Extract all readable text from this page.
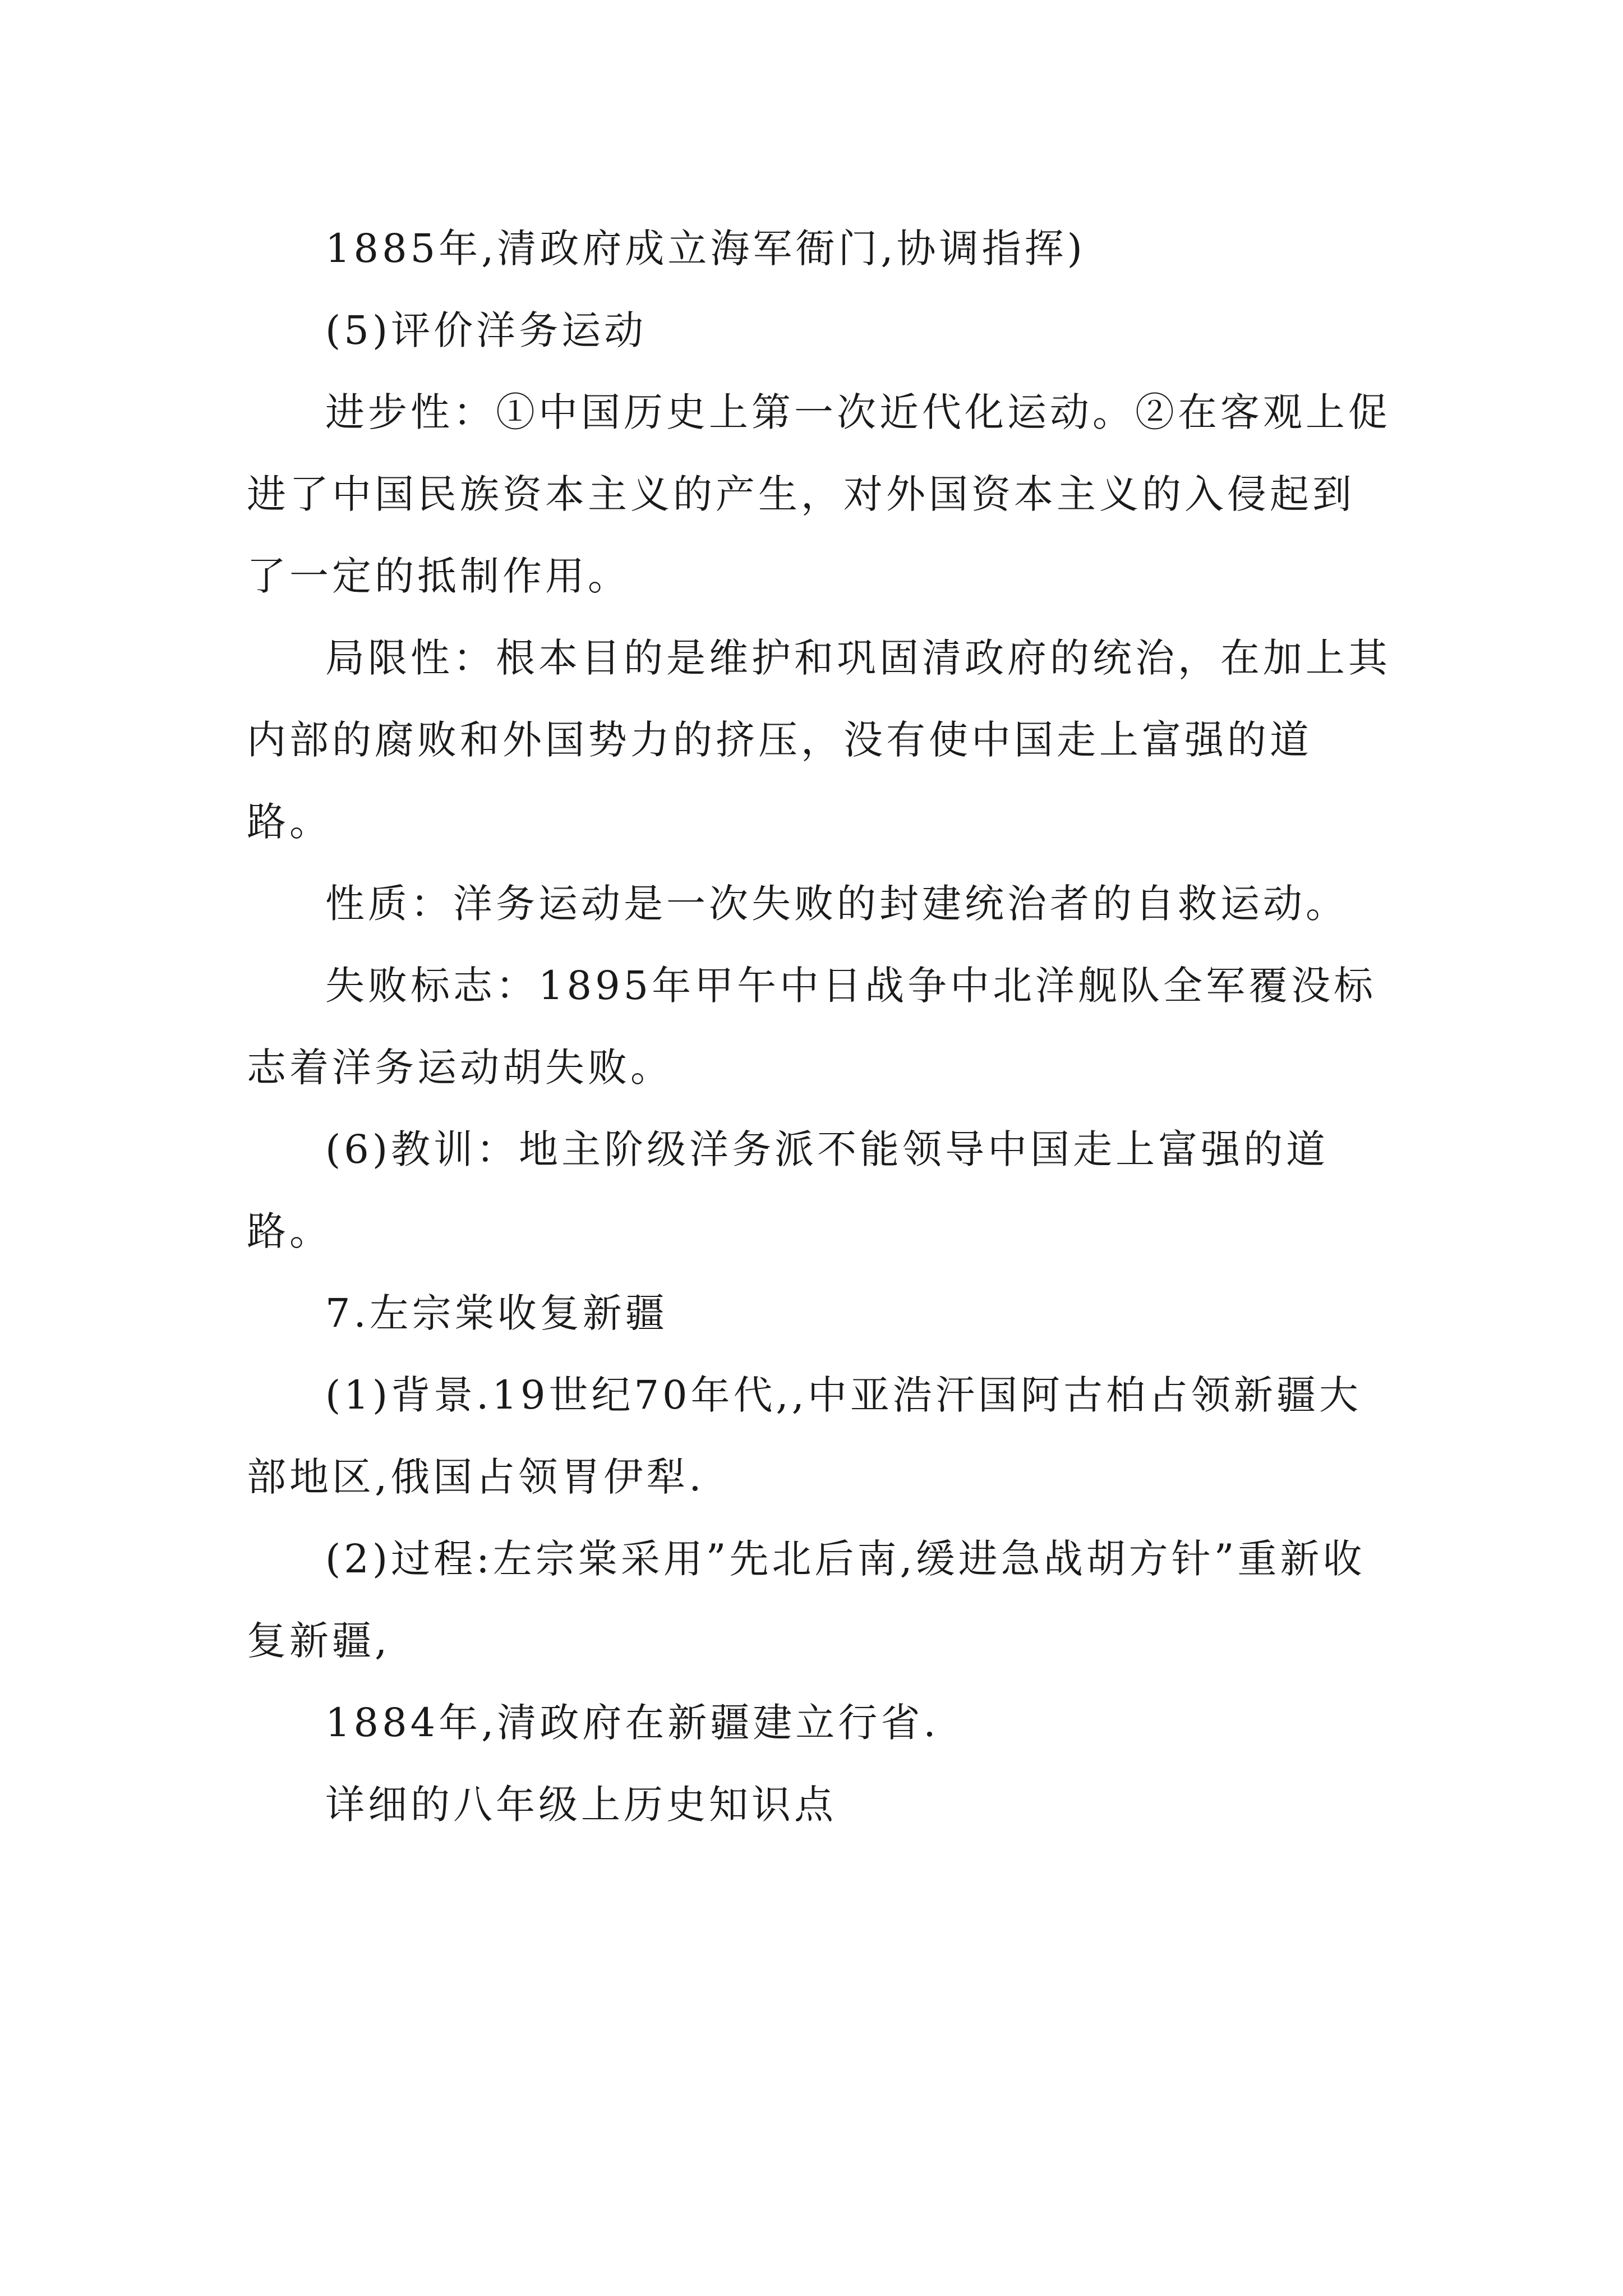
1885年,清政府成立海军衙门,协调指挥)

(5)评价洋务运动

进步性：①中国历史上第一次近代化运动。②在客观上促进了中国民族资本主义的产生，对外国资本主义的入侵起到了一定的抵制作用。

局限性：根本目的是维护和巩固清政府的统治，在加上其内部的腐败和外国势力的挤压，没有使中国走上富强的道路。

性质：洋务运动是一次失败的封建统治者的自救运动。

失败标志：1895年甲午中日战争中北洋舰队全军覆没标志着洋务运动胡失败。

(6)教训：地主阶级洋务派不能领导中国走上富强的道路。

7.左宗棠收复新疆

(1)背景.19世纪70年代,,中亚浩汗国阿古柏占领新疆大部地区,俄国占领胃伊犁.

(2)过程:左宗棠采用”先北后南,缓进急战胡方针”重新收复新疆,

1884年,清政府在新疆建立行省.

详细的八年级上历史知识点
